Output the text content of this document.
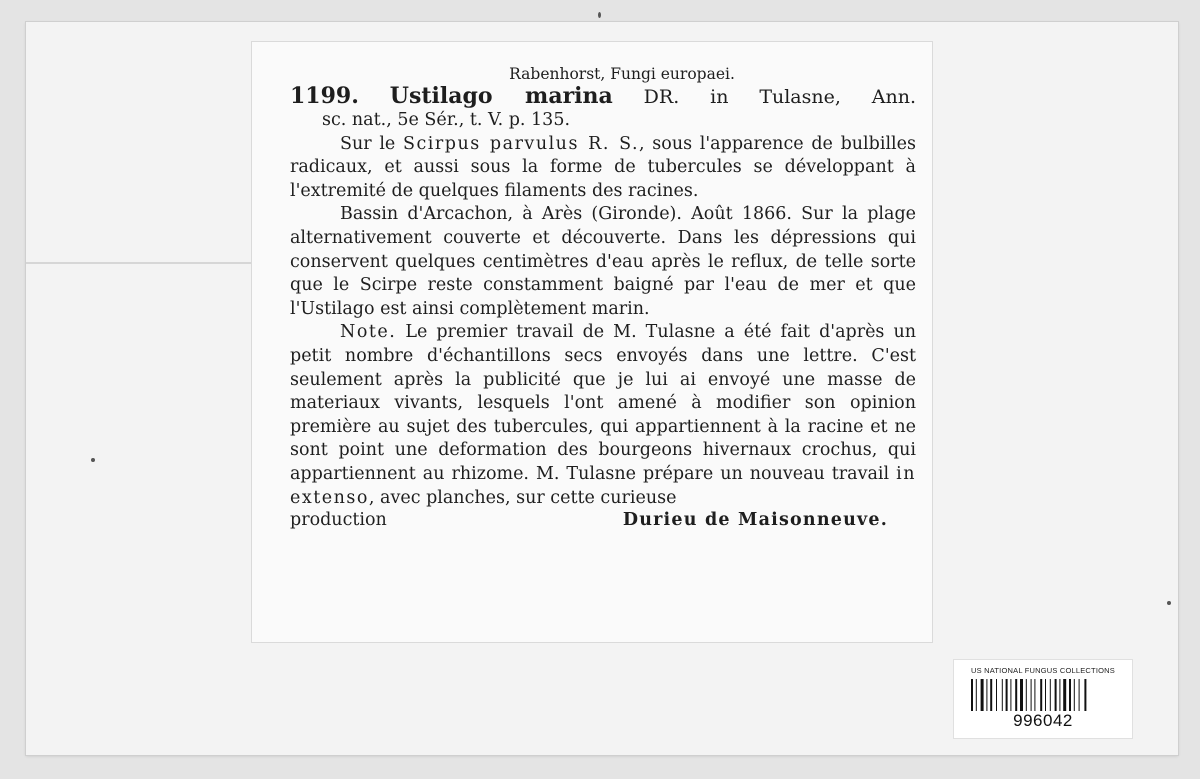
Rabenhorst, Fungi europaei.
1199. Ustilago marina DR. in Tulasne, Ann.
sc. nat., 5e Sér., t. V. p. 135.

Sur le Scirpus parvulus R. S., sous l'apparence de bulbilles radicaux, et aussi sous la forme de tubercules se développant à l'extremité de quelques filaments des racines.

Bassin d'Arcachon, à Arès (Gironde). Août 1866. Sur la plage alternativement couverte et découverte. Dans les dépressions qui conservent quelques centimètres d'eau après le reflux, de telle sorte que le Scirpe reste constamment baigné par l'eau de mer et que l'Ustilago est ainsi complètement marin.

Note. Le premier travail de M. Tulasne a été fait d'après un petit nombre d'échantillons secs envoyés dans une lettre. C'est seulement après la publicité que je lui ai envoyé une masse de materiaux vivants, lesquels l'ont amené à modifier son opinion première au sujet des tubercules, qui appartiennent à la racine et ne sont point une deformation des bourgeons hivernaux crochus, qui appartiennent au rhizome. M. Tulasne prépare un nouveau travail in extenso, avec planches, sur cette curieuse

production	Durieu de Maisonneuve.
US NATIONAL FUNGUS COLLECTIONS
996042
